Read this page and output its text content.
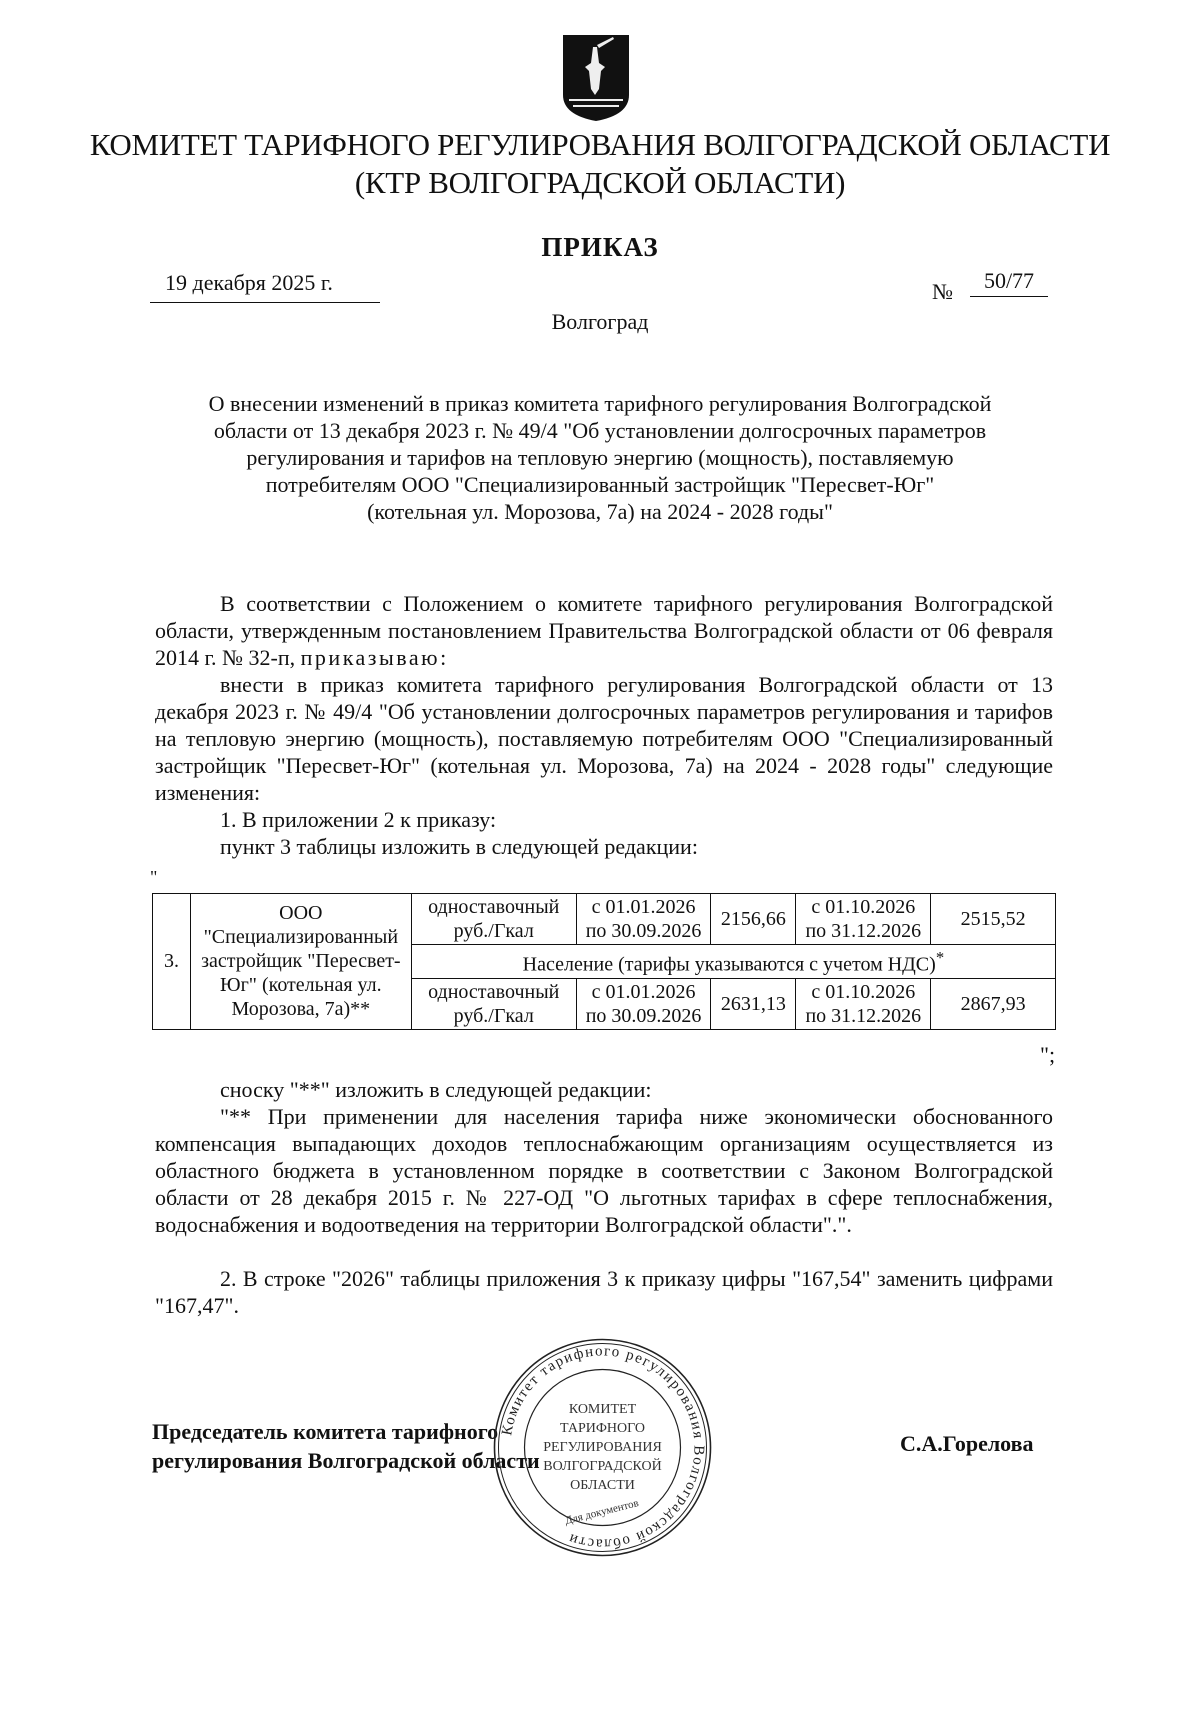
КОМИТЕТ ТАРИФНОГО РЕГУЛИРОВАНИЯ ВОЛГОГРАДСКОЙ ОБЛАСТИ
(КТР ВОЛГОГРАДСКОЙ ОБЛАСТИ)
ПРИКАЗ
19 декабря 2025 г.	№	50/77
Волгоград
О внесении изменений в приказ комитета тарифного регулирования Волгоградской
области от 13 декабря 2023 г. № 49/4 "Об установлении долгосрочных параметров
регулирования и тарифов на тепловую энергию (мощность), поставляемую
потребителям ООО "Специализированный застройщик "Пересвет-Юг"
(котельная ул. Морозова, 7а) на 2024 - 2028 годы"
В соответствии с Положением о комитете тарифного регулирования Волгоградской области, утвержденным постановлением Правительства Волгоградской области от 06 февраля 2014 г. № 32-п, приказываю:
внести в приказ комитета тарифного регулирования Волгоградской области от 13 декабря 2023 г. № 49/4 "Об установлении долгосрочных параметров регулирования и тарифов на тепловую энергию (мощность), поставляемую потребителям ООО "Специализированный застройщик "Пересвет-Юг" (котельная ул. Морозова, 7а) на 2024 - 2028 годы" следующие изменения:
1. В приложении 2 к приказу:
пункт 3 таблицы изложить в следующей редакции:
"
3.	ООО "Специализированный застройщик "Пересвет-Юг" (котельная ул. Морозова, 7а)**	одноставочный руб./Гкал	с 01.01.2026 по 30.09.2026	2156,66	с 01.10.2026 по 31.12.2026	2515,52
		Население (тарифы указываются с учетом НДС)*
		одноставочный руб./Гкал	с 01.01.2026 по 30.09.2026	2631,13	с 01.10.2026 по 31.12.2026	2867,93
";
сноску "**" изложить в следующей редакции:
"** При применении для населения тарифа ниже экономически обоснованного компенсация выпадающих доходов теплоснабжающим организациям осуществляется из областного бюджета в установленном порядке в соответствии с Законом Волгоградской области от 28 декабря 2015 г. № 227-ОД "О льготных тарифах в сфере теплоснабжения, водоснабжения и водоотведения на территории Волгоградской области".".
2. В строке "2026" таблицы приложения 3 к приказу цифры "167,54" заменить цифрами "167,47".
Председатель комитета тарифного
регулирования Волгоградской области
С.А.Горелова
Комитет тарифного регулирования Волгоградской области
КОМИТЕТ
ТАРИФНОГО
РЕГУЛИРОВАНИЯ
ВОЛГОГРАДСКОЙ
ОБЛАСТИ
Для документов
